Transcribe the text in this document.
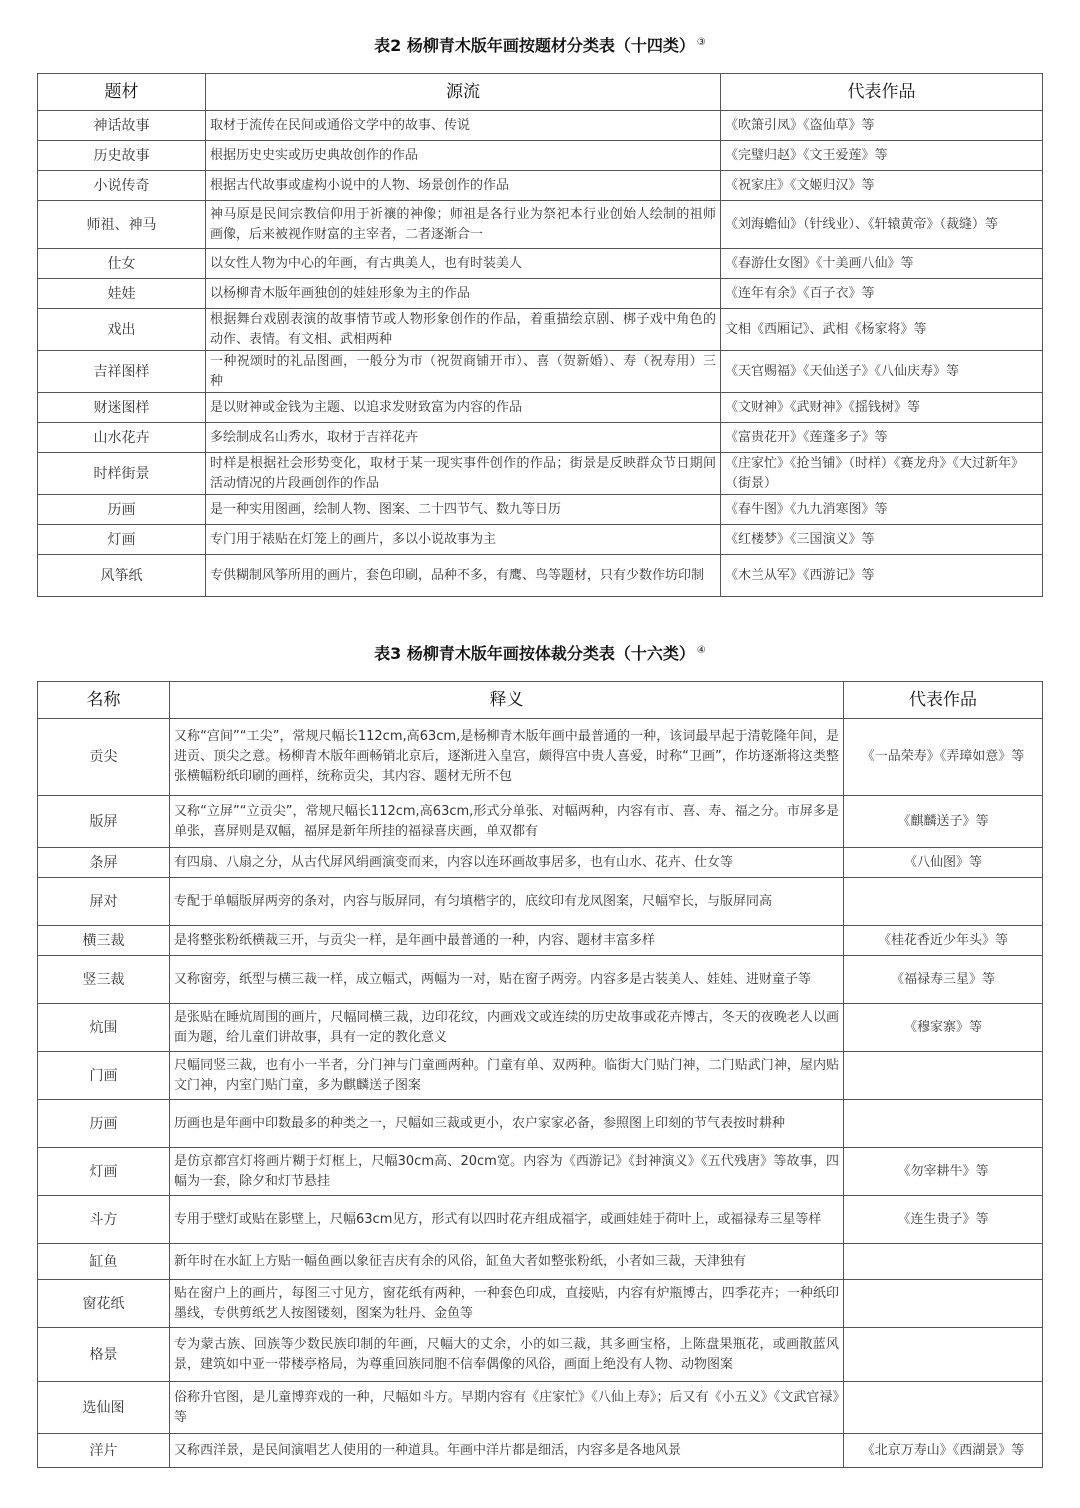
表2 杨柳青木版年画按题材分类表（十四类） ③
题材	源流	代表作品
神话故事	取材于流传在民间或通俗文学中的故事、传说	《吹箫引凤》《盗仙草》等
历史故事	根据历史史实或历史典故创作的作品	《完璧归赵》《文王爱莲》等
小说传奇	根据古代故事或虚构小说中的人物、场景创作的作品	《祝家庄》《文姬归汉》等
师祖、神马	神马原是民间宗教信仰用于祈禳的神像；师祖是各行业为祭祀本行业创始人绘制的祖师画像，后来被视作财富的主宰者，二者逐渐合一	《刘海蟾仙》（针线业）、《轩辕黄帝》（裁缝）等
仕女	以女性人物为中心的年画，有古典美人，也有时装美人	《春游仕女图》《十美画八仙》等
娃娃	以杨柳青木版年画独创的娃娃形象为主的作品	《连年有余》《百子衣》等
戏出	根据舞台戏剧表演的故事情节或人物形象创作的作品，着重描绘京剧、梆子戏中角色的动作、表情。有文相、武相两种	文相《西厢记》、武相《杨家将》等
吉祥图样	一种祝颂时的礼品图画，一般分为市（祝贺商铺开市）、喜（贺新婚）、寿（祝寿用）三种	《天官赐福》《天仙送子》《八仙庆寿》等
财迷图样	是以财神或金钱为主题、以追求发财致富为内容的作品	《文财神》《武财神》《摇钱树》等
山水花卉	多绘制成名山秀水，取材于吉祥花卉	《富贵花开》《莲蓬多子》等
时样街景	时样是根据社会形势变化，取材于某一现实事件创作的作品；街景是反映群众节日期间活动情况的片段画创作的作品	《庄家忙》《抢当铺》（时样）《赛龙舟》《大过新年》（街景）
历画	是一种实用图画，绘制人物、图案、二十四节气、数九等日历	《春牛图》《九九消寒图》等
灯画	专门用于裱贴在灯笼上的画片，多以小说故事为主	《红楼梦》《三国演义》等
风筝纸	专供糊制风筝所用的画片，套色印刷，品种不多，有鹰、鸟等题材，只有少数作坊印制	《木兰从军》《西游记》等
表3 杨柳青木版年画按体裁分类表（十六类） ④
名称	释义	代表作品
贡尖	又称“宫间”“工尖”，常规尺幅长112cm,高63cm,是杨柳青木版年画中最普通的一种，该词最早起于清乾隆年间，是进贡、顶尖之意。杨柳青木版年画畅销北京后，逐渐进入皇宫，颇得宫中贵人喜爱，时称“卫画”，作坊逐渐将这类整张横幅粉纸印刷的画样，统称贡尖，其内容、题材无所不包	《一品荣寿》《弄璋如意》等
版屏	又称“立屏”“立贡尖”，常规尺幅长112cm,高63cm,形式分单张、对幅两种，内容有市、喜、寿、福之分。市屏多是单张，喜屏则是双幅，福屏是新年所挂的福禄喜庆画，单双都有	《麒麟送子》等
条屏	有四扇、八扇之分，从古代屏风绢画演变而来，内容以连环画故事居多，也有山水、花卉、仕女等	《八仙图》等
屏对	专配于单幅版屏两旁的条对，内容与版屏同，有匀填楷字的，底纹印有龙凤图案，尺幅窄长，与版屏同高	
横三裁	是将整张粉纸横裁三开，与贡尖一样，是年画中最普通的一种，内容、题材丰富多样	《桂花香近少年头》等
竖三裁	又称窗旁，纸型与横三裁一样，成立幅式，两幅为一对，贴在窗子两旁。内容多是古装美人、娃娃、进财童子等	《福禄寿三星》等
炕围	是张贴在睡炕周围的画片，尺幅同横三裁，边印花纹，内画戏文或连续的历史故事或花卉博古，冬天的夜晚老人以画面为题，给儿童们讲故事，具有一定的教化意义	《穆家寨》等
门画	尺幅同竖三裁，也有小一半者，分门神与门童画两种。门童有单、双两种。临街大门贴门神，二门贴武门神，屋内贴文门神，内室门贴门童，多为麒麟送子图案	
历画	历画也是年画中印数最多的种类之一，尺幅如三裁或更小，农户家家必备，参照图上印刻的节气表按时耕种	
灯画	是仿京都宫灯将画片糊于灯框上，尺幅30cm高、20cm宽。内容为《西游记》《封神演义》《五代残唐》等故事，四幅为一套，除夕和灯节悬挂	《勿宰耕牛》等
斗方	专用于壁灯或贴在影壁上，尺幅63cm见方，形式有以四时花卉组成福字，或画娃娃于荷叶上，或福禄寿三星等样	《连生贵子》等
缸鱼	新年时在水缸上方贴一幅鱼画以象征吉庆有余的风俗，缸鱼大者如整张粉纸，小者如三裁，天津独有	
窗花纸	贴在窗户上的画片，每图三寸见方，窗花纸有两种，一种套色印成，直接贴，内容有炉瓶博古，四季花卉；一种纸印墨线，专供剪纸艺人按图镂刻，图案为牡丹、金鱼等	
格景	专为蒙古族、回族等少数民族印制的年画，尺幅大的丈余，小的如三裁，其多画宝格，上陈盘果瓶花，或画散蓝风景，建筑如中亚一带楼亭格局，为尊重回族同胞不信奉偶像的风俗，画面上绝没有人物、动物图案	
选仙图	俗称升官图，是儿童博弈戏的一种，尺幅如斗方。早期内容有《庄家忙》《八仙上寿》；后又有《小五义》《文武官禄》等	
洋片	又称西洋景，是民间演唱艺人使用的一种道具。年画中洋片都是细活，内容多是各地风景	《北京万寿山》《西湖景》等
